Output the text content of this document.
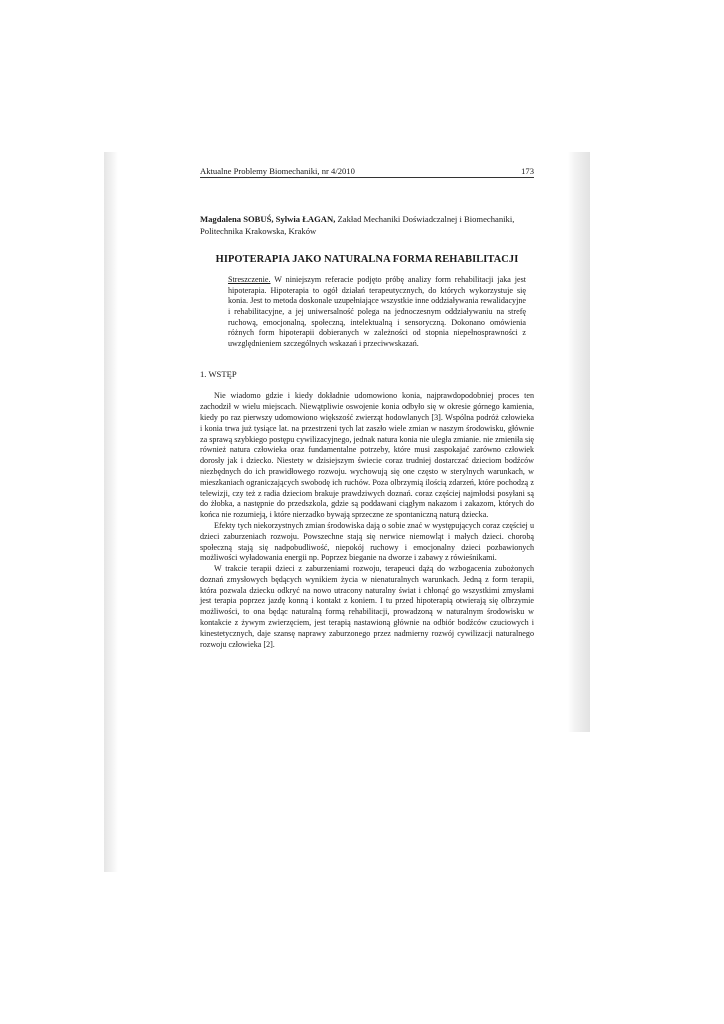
Aktualne Problemy Biomechaniki, nr 4/2010	173
Magdalena SOBUŚ, Sylwia ŁAGAN, Zakład Mechaniki Doświadczalnej i Biomechaniki, Politechnika Krakowska, Kraków
HIPOTERAPIA JAKO NATURALNA FORMA REHABILITACJI
Streszczenie. W niniejszym referacie podjęto próbę analizy form rehabilitacji jaka jest hipoterapia. Hipoterapia to ogół działań terapeutycznych, do których wykorzystuje się konia. Jest to metoda doskonale uzupełniające wszystkie inne oddziaływania rewalidacyjne i rehabilitacyjne, a jej uniwersalność polega na jednoczesnym oddziaływaniu na strefę ruchową, emocjonalną, społeczną, intelektualną i sensoryczną. Dokonano omówienia różnych form hipoterapii dobieranych w zależności od stopnia niepełnosprawności z uwzględnieniem szczególnych wskazań i przeciwwskazań.
1. WSTĘP

Nie wiadomo gdzie i kiedy dokładnie udomowiono konia, najprawdopodobniej proces ten zachodził w wielu miejscach. Niewątpliwie oswojenie konia odbyło się w okresie górnego kamienia, kiedy po raz pierwszy udomowiono większość zwierząt hodowlanych [3]. Wspólna podróż człowieka i konia trwa już tysiące lat. na przestrzeni tych lat zaszło wiele zmian w naszym środowisku, głównie za sprawą szybkiego postępu cywilizacyjnego, jednak natura konia nie uległa zmianie. nie zmieniła się również natura człowieka oraz fundamentalne potrzeby, które musi zaspokajać zarówno człowiek dorosły jak i dziecko. Niestety w dzisiejszym świecie coraz trudniej dostarczać dzieciom bodźców niezbędnych do ich prawidłowego rozwoju. wychowują się one często w sterylnych warunkach, w mieszkaniach ograniczających swobodę ich ruchów. Poza olbrzymią ilością zdarzeń, które pochodzą z telewizji, czy też z radia dzieciom brakuje prawdziwych doznań. coraz częściej najmłodsi posyłani są do żłobka, a następnie do przedszkola, gdzie są poddawani ciągłym nakazom i zakazom, których do końca nie rozumieją, i które nierzadko bywają sprzeczne ze spontaniczną naturą dziecka.

Efekty tych niekorzystnych zmian środowiska dają o sobie znać w występujących coraz częściej u dzieci zaburzeniach rozwoju. Powszechne stają się nerwice niemowląt i małych dzieci. chorobą społeczną stają się nadpobudliwość, niepokój ruchowy i emocjonalny dzieci pozbawionych możliwości wyładowania energii np. Poprzez bieganie na dworze i zabawy z rówieśnikami.

W trakcie terapii dzieci z zaburzeniami rozwoju, terapeuci dążą do wzbogacenia zubożonych doznań zmysłowych będących wynikiem życia w nienaturalnych warunkach. Jedną z form terapii, która pozwala dziecku odkryć na nowo utracony naturalny świat i chłonąć go wszystkimi zmysłami jest terapia poprzez jazdę konną i kontakt z koniem. I tu przed hipoterapią otwierają się olbrzymie możliwości, to ona będąc naturalną formą rehabilitacji, prowadzoną w naturalnym środowisku w kontakcie z żywym zwierzęciem, jest terapią nastawioną głównie na odbiór bodźców czuciowych i kinestetycznych, daje szansę naprawy zaburzonego przez nadmierny rozwój cywilizacji naturalnego rozwoju człowieka [2].
